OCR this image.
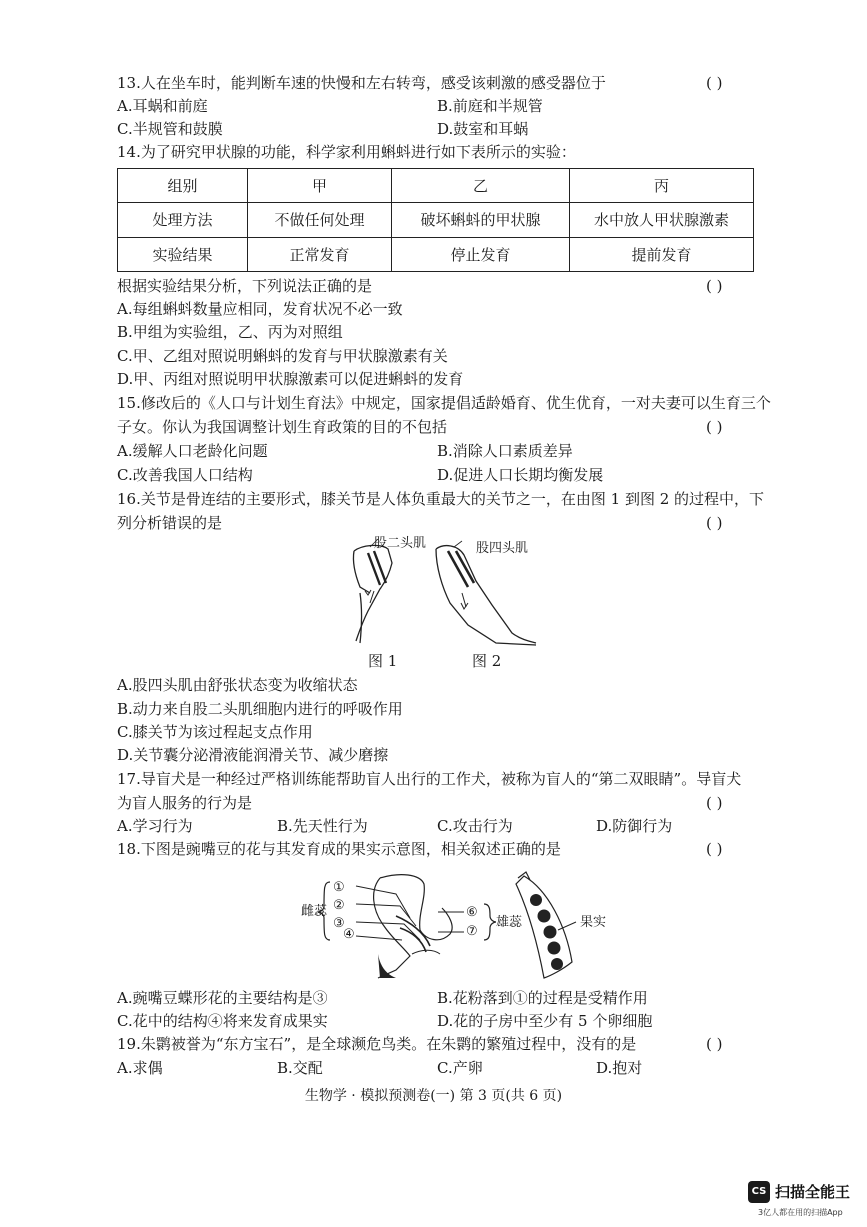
13.人在坐车时，能判断车速的快慢和左右转弯，感受该刺激的感受器位于	( )
A.耳蜗和前庭	B.前庭和半规管
C.半规管和鼓膜	D.鼓室和耳蜗
14.为了研究甲状腺的功能，科学家利用蝌蚪进行如下表所示的实验：
组别	甲	乙	丙
处理方法	不做任何处理	破坏蝌蚪的甲状腺	水中放人甲状腺激素
实验结果	正常发育	停止发育	提前发育
根据实验结果分析，下列说法正确的是	( )
A.每组蝌蚪数量应相同，发育状况不必一致
B.甲组为实验组，乙、丙为对照组
C.甲、乙组对照说明蝌蚪的发育与甲状腺激素有关
D.甲、丙组对照说明甲状腺激素可以促进蝌蚪的发育
15.修改后的《人口与计划生育法》中规定，国家提倡适龄婚育、优生优育，一对夫妻可以生育三个
子女。你认为我国调整计划生育政策的目的不包括	( )
A.缓解人口老龄化问题	B.消除人口素质差异
C.改善我国人口结构	D.促进人口长期均衡发展
16.关节是骨连结的主要形式，膝关节是人体负重最大的关节之一，在由图 1 到图 2 的过程中，下
列分析错误的是	( )
股二头肌	股四头肌
图 1	图 2
A.股四头肌由舒张状态变为收缩状态
B.动力来自股二头肌细胞内进行的呼吸作用
C.膝关节为该过程起支点作用
D.关节囊分泌滑液能润滑关节、减少磨擦
17.导盲犬是一种经过严格训练能帮助盲人出行的工作犬，被称为盲人的“第二双眼睛”。导盲犬
为盲人服务的行为是	( )
A.学习行为	B.先天性行为	C.攻击行为	D.防御行为
18.下图是豌嘴豆的花与其发育成的果实示意图，相关叙述正确的是	( )
雌蕊
①
②
③
④
⑥
⑦
雄蕊	果实
A.豌嘴豆蝶形花的主要结构是③	B.花粉落到①的过程是受精作用
C.花中的结构④将来发育成果实	D.花的子房中至少有 5 个卵细胞
19.朱鹮被誉为“东方宝石”，是全球濒危鸟类。在朱鹮的繁殖过程中，没有的是	( )
A.求偶	B.交配	C.产卵	D.抱对
生物学 · 模拟预测卷(一) 第 3 页(共 6 页)
CS 扫描全能王
3亿人都在用的扫描App
